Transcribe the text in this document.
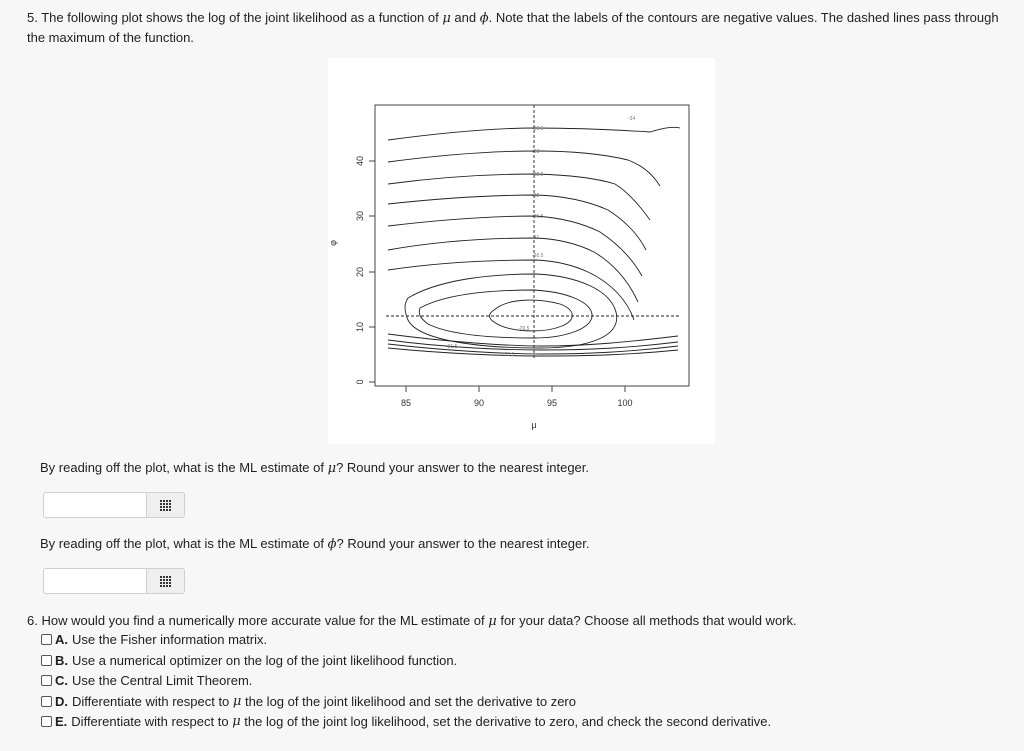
5. The following plot shows the log of the joint likelihood as a function of μ and ϕ. Note that the labels of the contours are negative values. The dashed lines pass through the maximum of the function.
85	90	95	100
μ
0
10
20
30
40
φ
-33.5
-33
-32.5
-32
-31.5
-31
-30.5
-29.5
-34
-31.5
-33.5
By reading off the plot, what is the ML estimate of μ? Round your answer to the nearest integer.
By reading off the plot, what is the ML estimate of ϕ? Round your answer to the nearest integer.
6. How would you find a numerically more accurate value for the ML estimate of μ for your data? Choose all methods that would work.
A. Use the Fisher information matrix.
B. Use a numerical optimizer on the log of the joint likelihood function.
C. Use the Central Limit Theorem.
D. Differentiate with respect to
μ
the log of the joint likelihood and set the derivative to zero
E. Differentiate with respect to
μ
the log of the joint log likelihood, set the derivative to zero, and check the second derivative.
